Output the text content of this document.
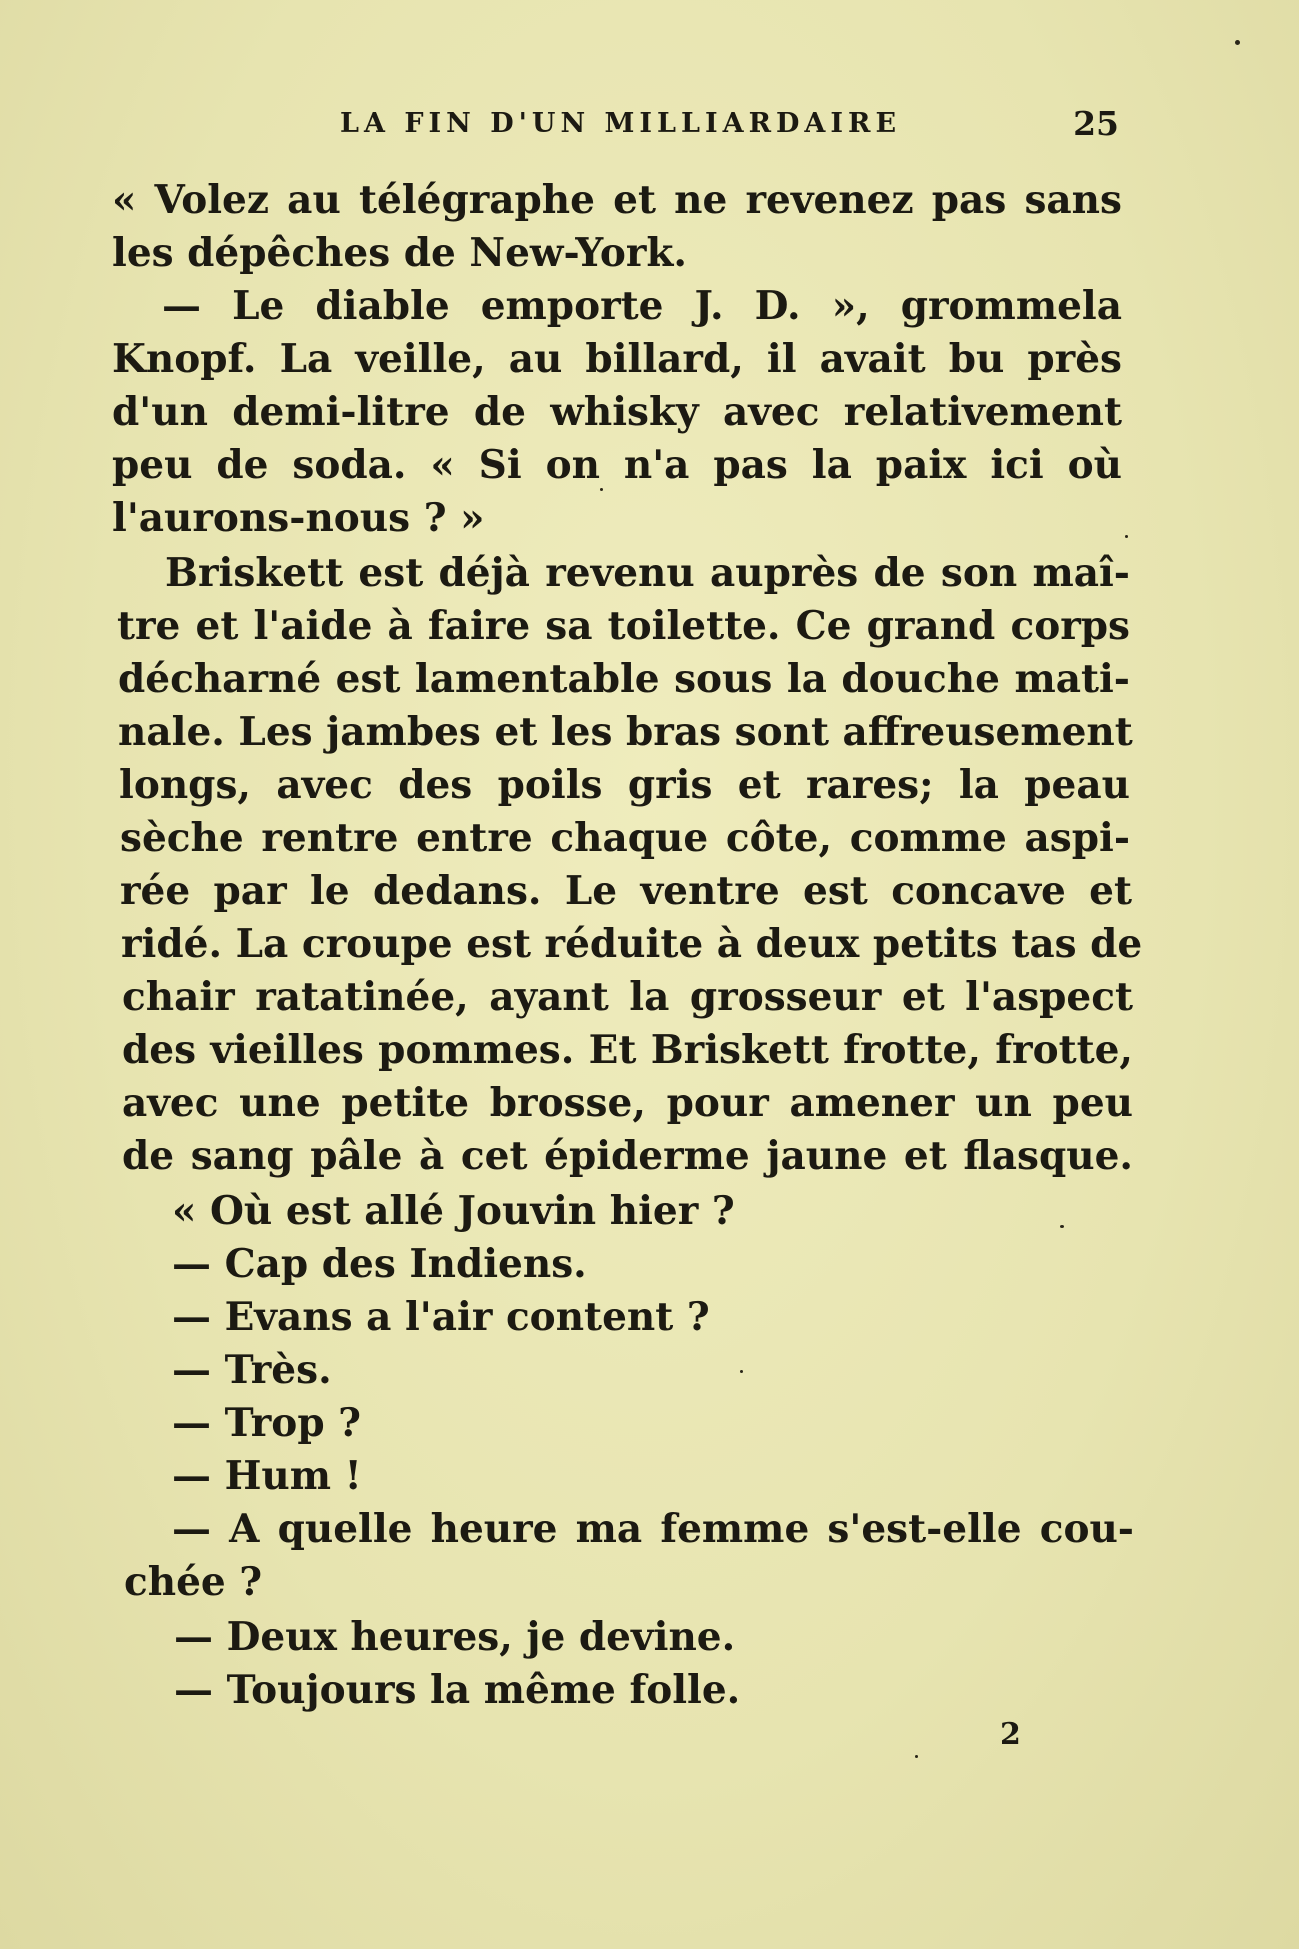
LA FIN D'UN MILLIARDAIRE	25
« Volez au télégraphe et ne revenez pas sans
les dépêches de New-York.
— Le diable emporte J. D. », grommela
Knopf. La veille, au billard, il avait bu près
d'un demi-litre de whisky avec relativement
peu de soda. « Si on n'a pas la paix ici où
l'aurons-nous ? »
Briskett est déjà revenu auprès de son maî-
tre et l'aide à faire sa toilette. Ce grand corps
décharné est lamentable sous la douche mati-
nale. Les jambes et les bras sont affreusement
longs, avec des poils gris et rares; la peau
sèche rentre entre chaque côte, comme aspi-
rée par le dedans. Le ventre est concave et
ridé. La croupe est réduite à deux petits tas de
chair ratatinée, ayant la grosseur et l'aspect
des vieilles pommes. Et Briskett frotte, frotte,
avec une petite brosse, pour amener un peu
de sang pâle à cet épiderme jaune et flasque.
« Où est allé Jouvin hier ?
— Cap des Indiens.
— Evans a l'air content ?
— Très.
— Trop ?
— Hum !
— A quelle heure ma femme s'est-elle cou-
chée ?
— Deux heures, je devine.
— Toujours la même folle.
2
